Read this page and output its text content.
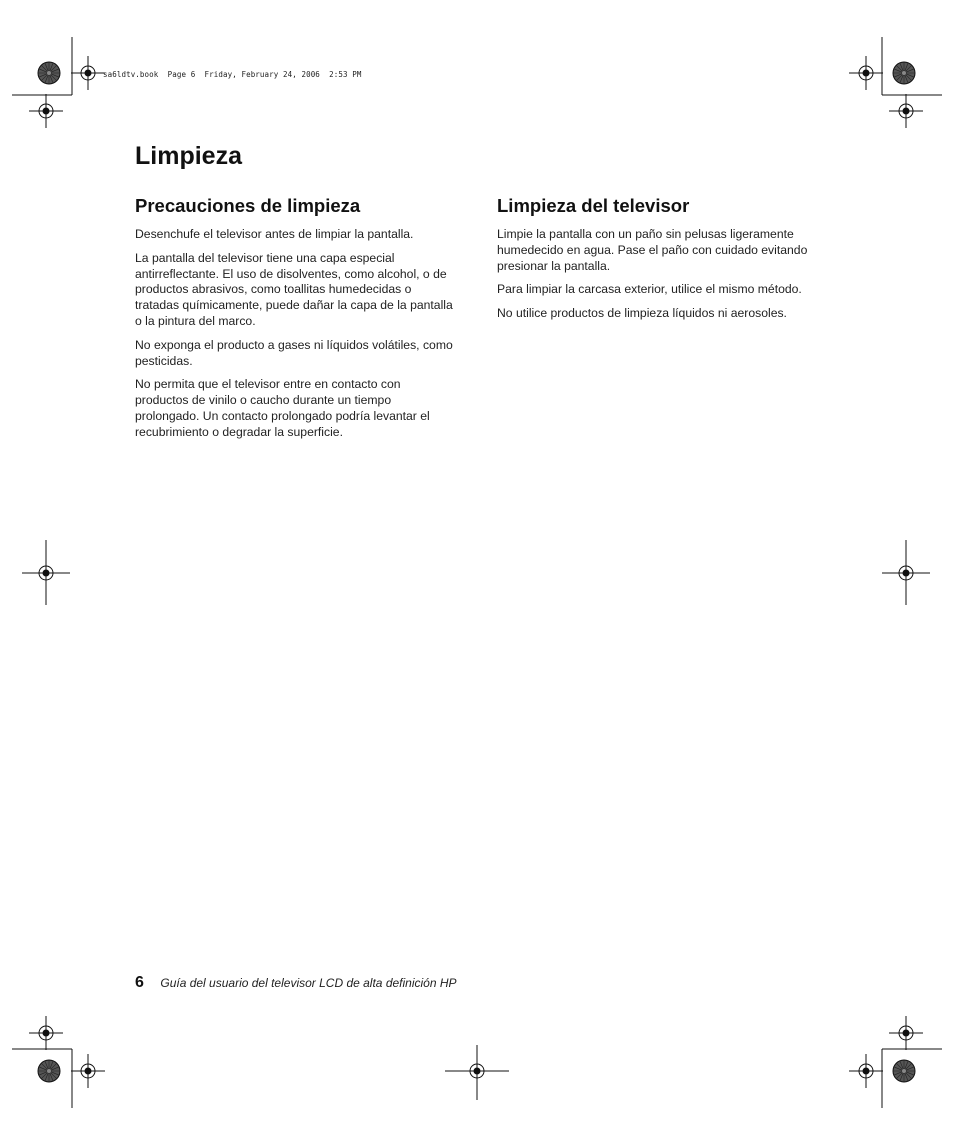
sa6ldtv.book  Page 6  Friday, February 24, 2006  2:53 PM
Limpieza
Precauciones de limpieza

Desenchufe el televisor antes de limpiar la pantalla.

La pantalla del televisor tiene una capa especial antirreflectante. El uso de disolventes, como alcohol, o de productos abrasivos, como toallitas humedecidas o tratadas químicamente, puede dañar la capa de la pantalla o la pintura del marco.

No exponga el producto a gases ni líquidos volátiles, como pesticidas.

No permita que el televisor entre en contacto con productos de vinilo o caucho durante un tiempo prolongado. Un contacto prolongado podría levantar el recubrimiento o degradar la superficie.

Limpieza del televisor

Limpie la pantalla con un paño sin pelusas ligeramente humedecido en agua. Pase el paño con cuidado evitando presionar la pantalla.

Para limpiar la carcasa exterior, utilice el mismo método.

No utilice productos de limpieza líquidos ni aerosoles.

6 Guía del usuario del televisor LCD de alta definición HP
